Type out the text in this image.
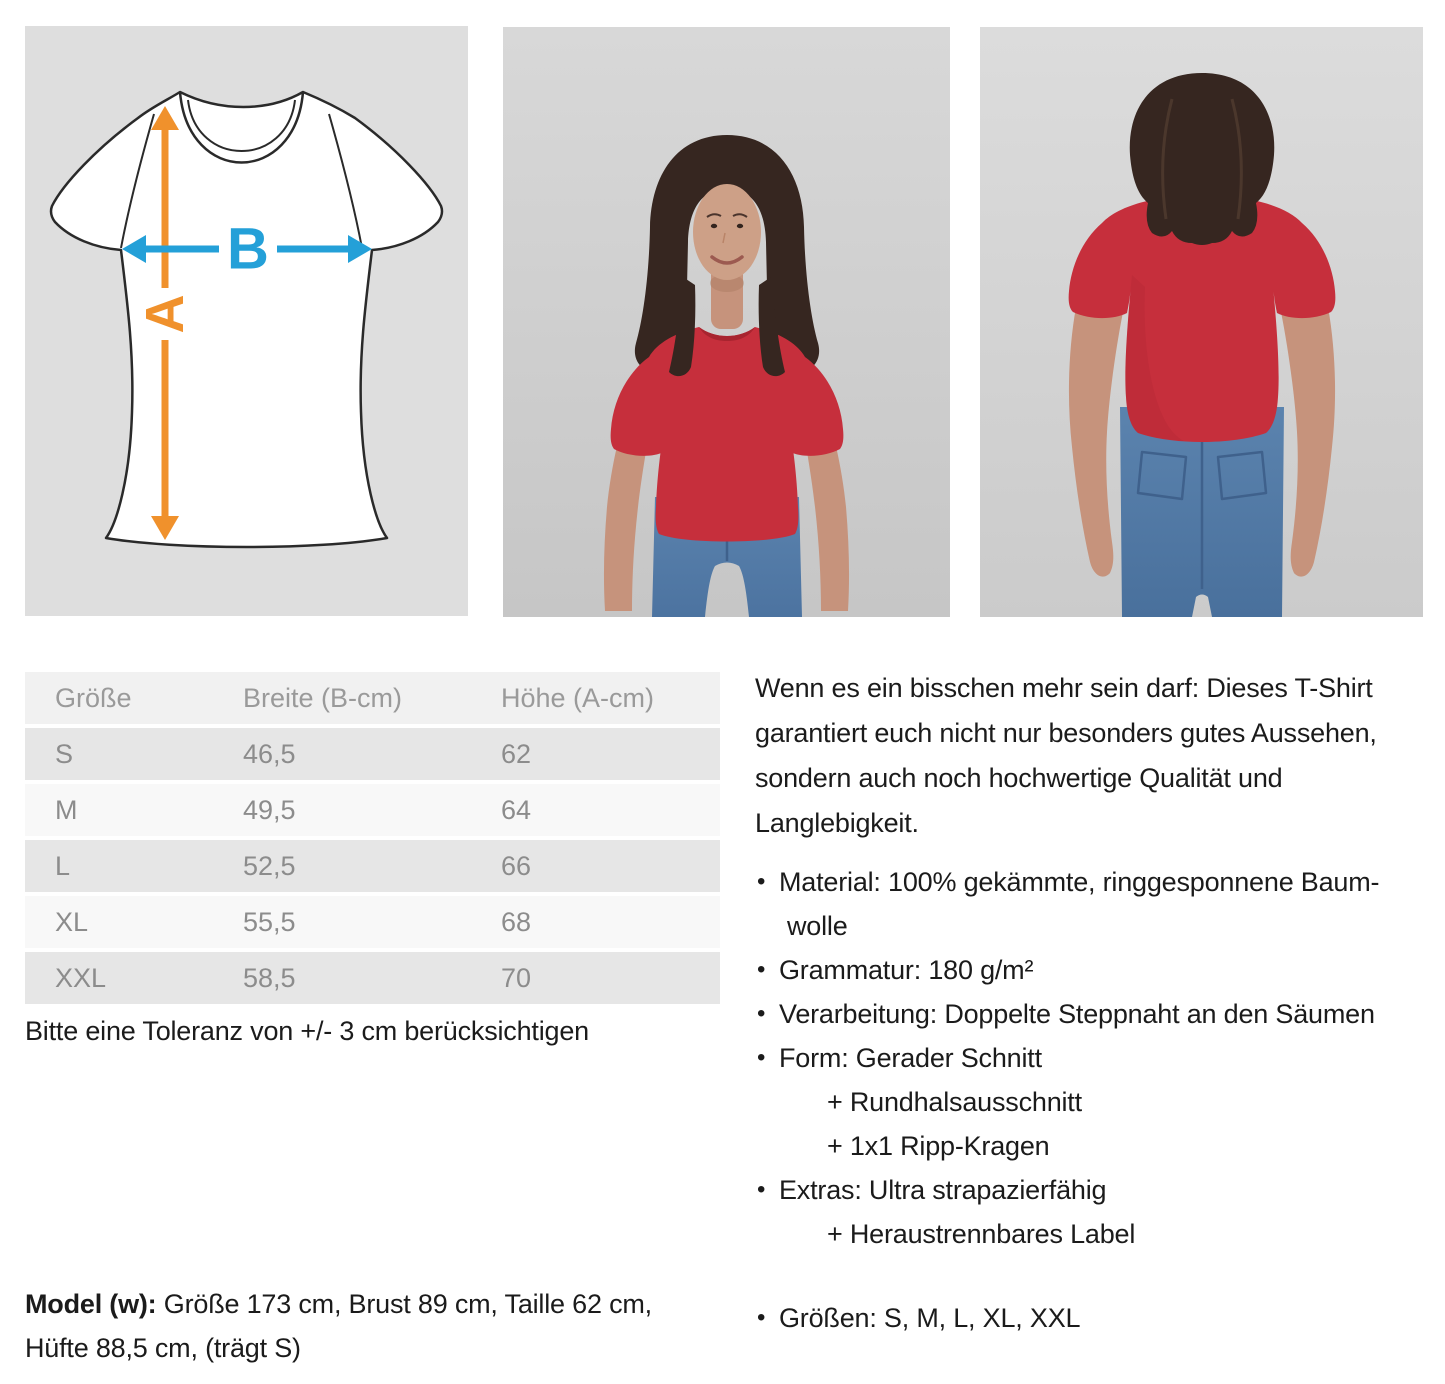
A
B
Größe	Breite (B-cm)	Höhe (A-cm)
S	46,5	62
M	49,5	64
L	52,5	66
XL	55,5	68
XXL	58,5	70
Bitte eine Toleranz von +/- 3 cm berücksichtigen
Model (w): Größe 173 cm, Brust 89 cm, Taille 62 cm,
Hüfte 88,5 cm, (trägt S)
Wenn es ein bisschen mehr sein darf: Dieses T-Shirt
garantiert euch nicht nur besonders gutes Aussehen,
sondern auch noch hochwertige Qualität und
Langlebigkeit.
• Material: 100% gekämmte, ringgesponnene Baum-
wolle
• Grammatur: 180 g/m²
• Verarbeitung: Doppelte Steppnaht an den Säumen
• Form: Gerader Schnitt
+ Rundhalsausschnitt
+ 1x1 Ripp-Kragen
• Extras: Ultra strapazierfähig
+ Heraustrennbares Label
• Größen: S, M, L, XL, XXL
